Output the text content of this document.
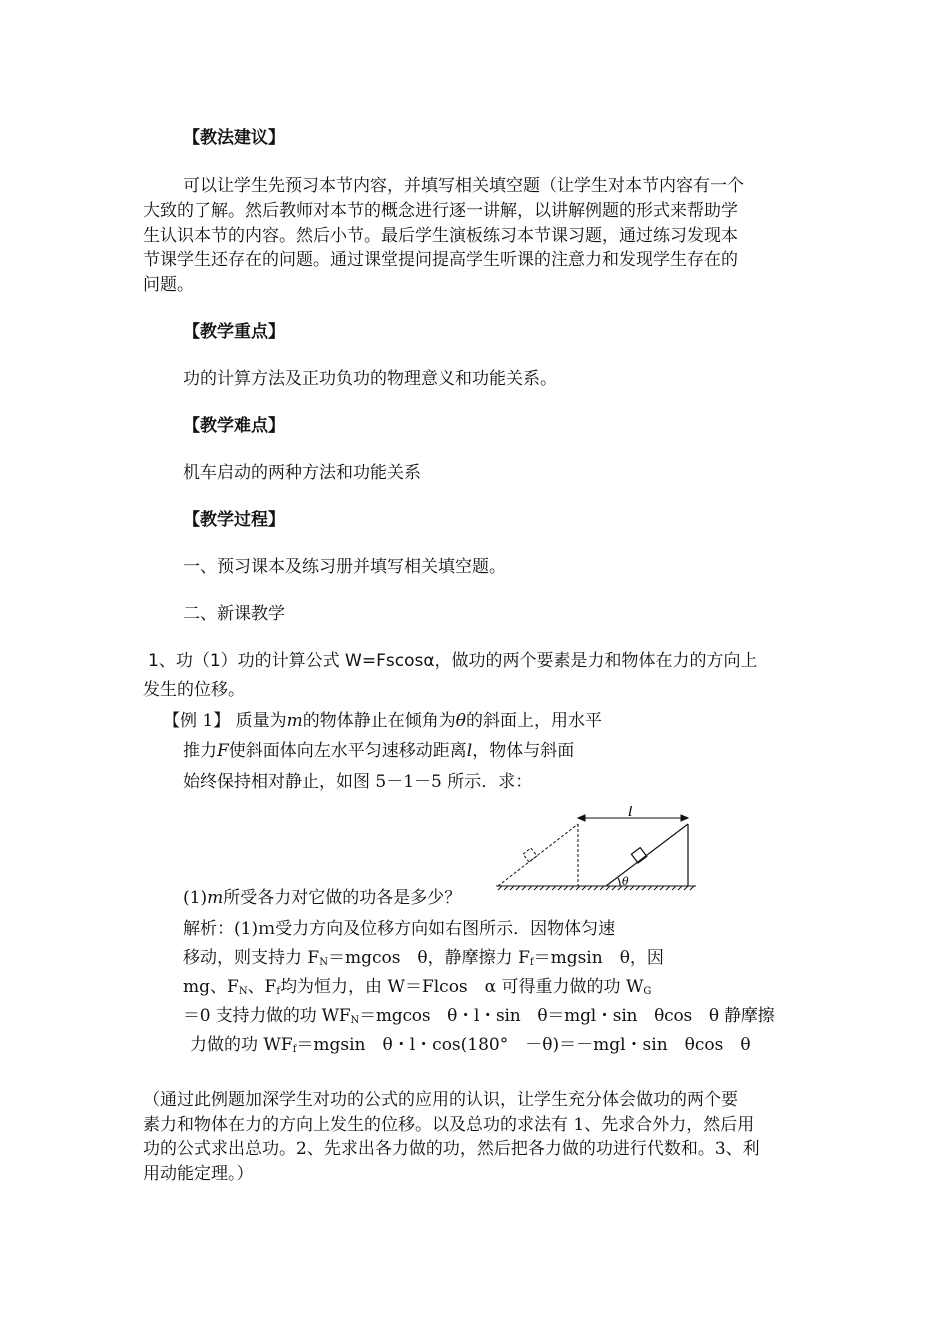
【教法建议】
可以让学生先预习本节内容，并填写相关填空题（让学生对本节内容有一个
大致的了解。然后教师对本节的概念进行逐一讲解，以讲解例题的形式来帮助学
生认识本节的内容。然后小节。最后学生演板练习本节课习题，通过练习发现本
节课学生还存在的问题。通过课堂提问提高学生听课的注意力和发现学生存在的
问题。
【教学重点】
功的计算方法及正功负功的物理意义和功能关系。
【教学难点】
机车启动的两种方法和功能关系
【教学过程】
一、预习课本及练习册并填写相关填空题。
二、新课教学
1、功（1）功的计算公式 W=Fscosα，做功的两个要素是力和物体在力的方向上
发生的位移。
【例 1】 质量为m的物体静止在倾角为θ的斜面上，用水平
推力F使斜面体向左水平匀速移动距离l，物体与斜面
始终保持相对静止，如图 5－1－5 所示．求：
l
θ
(1)m所受各力对它做的功各是多少？
解析：(1)ｍ受力方向及位移方向如右图所示．因物体匀速
移动，则支持力 $F_N=mgcos$　θ，静摩擦力 $F_f=mgsin$　θ，因
mg、$F_N$、$F_f$均为恒力，由 W＝Flcos　α 可得重力做的功 $W_G$
＝0 支持力做的功 $WF_N=mgcos$　θ・l・sin　θ＝mgl・sin　θcos　θ 静摩擦
力做的功 $WF_f=mgsin$　θ・l・cos(180°　－θ)＝－mgl・sin　θcos　θ
（通过此例题加深学生对功的公式的应用的认识，让学生充分体会做功的两个要
素力和物体在力的方向上发生的位移。以及总功的求法有 1、先求合外力，然后用
功的公式求出总功。2、先求出各力做的功，然后把各力做的功进行代数和。3、利
用动能定理。）
